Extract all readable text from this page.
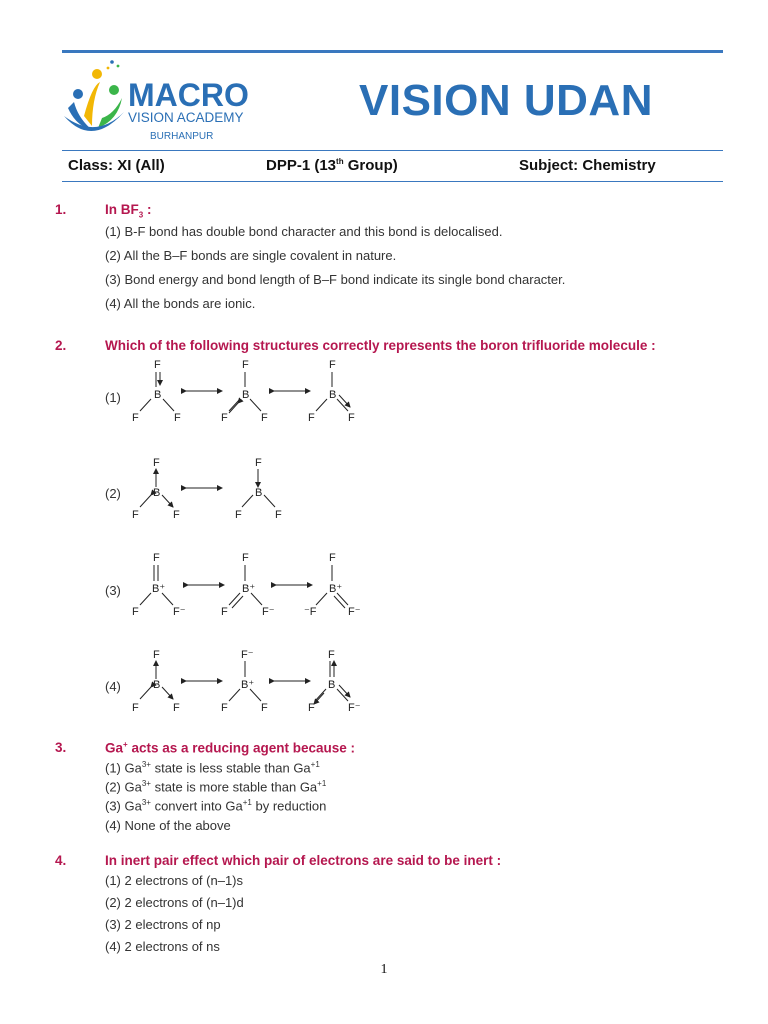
MACRO
VISION ACADEMY
BURHANPUR
VISION UDAN
Class: XI (All)	DPP-1 (13th Group)	Subject: Chemistry
1.	In $BF_3$ :
(1) B-F bond has double bond character and this bond is delocalised.
(2) All the B–F bonds are single covalent in nature.
(3) Bond energy and bond length of B–F bond indicate its single bond character.
(4) All the bonds are ionic.
2.	Which of the following structures correctly represents the boron trifluoride molecule :
(1)
(2)
(3)
(4)
F
B
F	F
F
B
F	F
F
B
F	F
F
B
F	F
F
B
F	F
F
B⁺
F	F⁻
F
B⁺
F	F⁻
F
B⁺
⁻F	F⁻
F
B
F	F
F⁻
B⁺
F	F
F
B
F	F⁻
3.	Ga+ acts as a reducing agent because :
(1) $Ga^{3+}$ state is less stable than $Ga^{+1}$
(2) $Ga^{3+}$ state is more stable than $Ga^{+1}$
(3) $Ga^{3+}$ convert into $Ga^{+1}$ by reduction
(4) None of the above
4.	In inert pair effect which pair of electrons are said to be inert :
(1) 2 electrons of (n–1)s
(2) 2 electrons of (n–1)d
(3) 2 electrons of np
(4) 2 electrons of ns
1
